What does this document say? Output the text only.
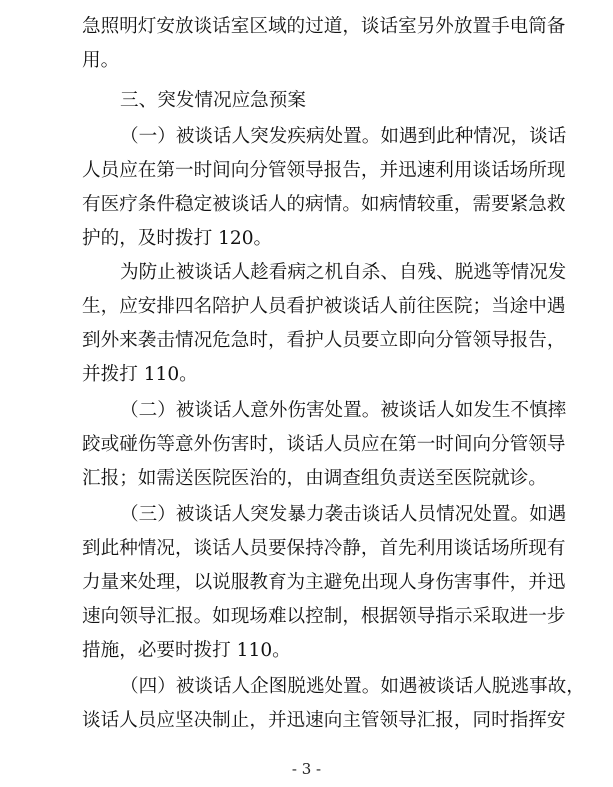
急照明灯安放谈话室区域的过道，谈话室另外放置手电筒备
用。
三、突发情况应急预案
（一）被谈话人突发疾病处置。如遇到此种情况，谈话
人员应在第一时间向分管领导报告，并迅速利用谈话场所现
有医疗条件稳定被谈话人的病情。如病情较重，需要紧急救
护的，及时拨打 120。
为防止被谈话人趁看病之机自杀、自残、脱逃等情况发
生，应安排四名陪护人员看护被谈话人前往医院；当途中遇
到外来袭击情况危急时，看护人员要立即向分管领导报告，
并拨打 110。
（二）被谈话人意外伤害处置。被谈话人如发生不慎摔
跤或碰伤等意外伤害时，谈话人员应在第一时间向分管领导
汇报；如需送医院医治的，由调查组负责送至医院就诊。
（三）被谈话人突发暴力袭击谈话人员情况处置。如遇
到此种情况，谈话人员要保持冷静，首先利用谈话场所现有
力量来处理，以说服教育为主避免出现人身伤害事件，并迅
速向领导汇报。如现场难以控制，根据领导指示采取进一步
措施，必要时拨打 110。
（四）被谈话人企图脱逃处置。如遇被谈话人脱逃事故，
谈话人员应坚决制止，并迅速向主管领导汇报，同时指挥安
- 3 -
